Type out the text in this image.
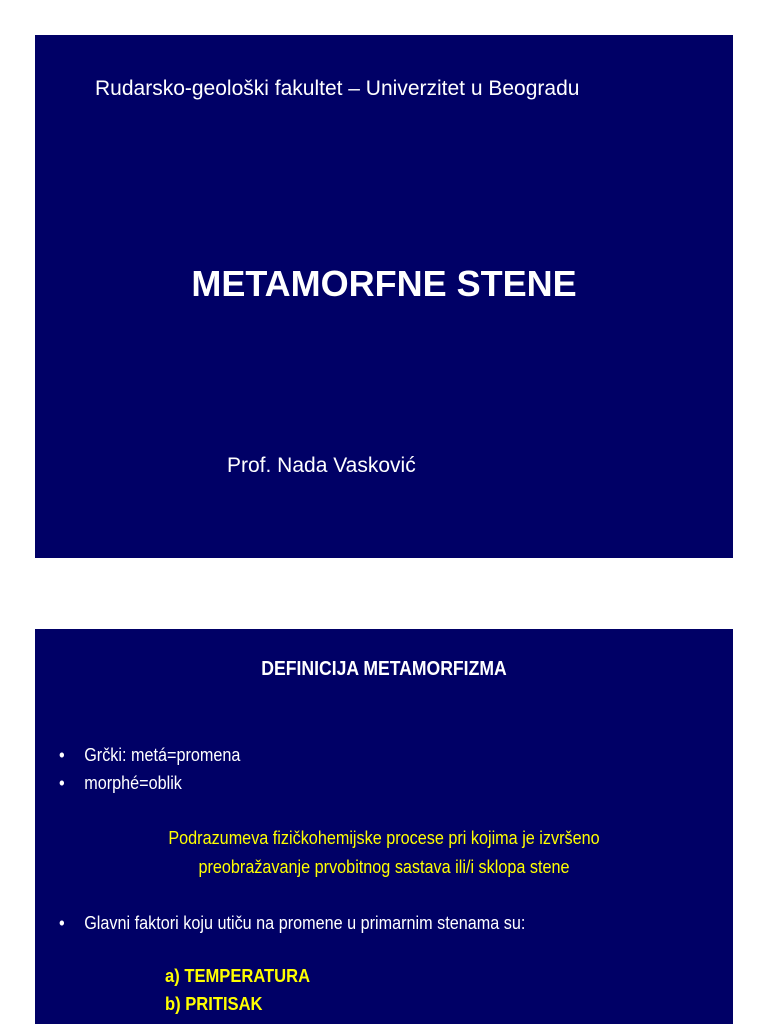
Rudarsko-geološki fakultet – Univerzitet u Beogradu
METAMORFNE STENE
Prof. Nada Vasković
DEFINICIJA METAMORFIZMA
• Grčki: metá=promena
• morphé=oblik
Podrazumeva fizičkohemijske procese pri kojima je izvršeno
preobražavanje prvobitnog sastava ili/i sklopa stene
• Glavni faktori koju utiču na promene u primarnim stenama su:
a) TEMPERATURA
b) PRITISAK
